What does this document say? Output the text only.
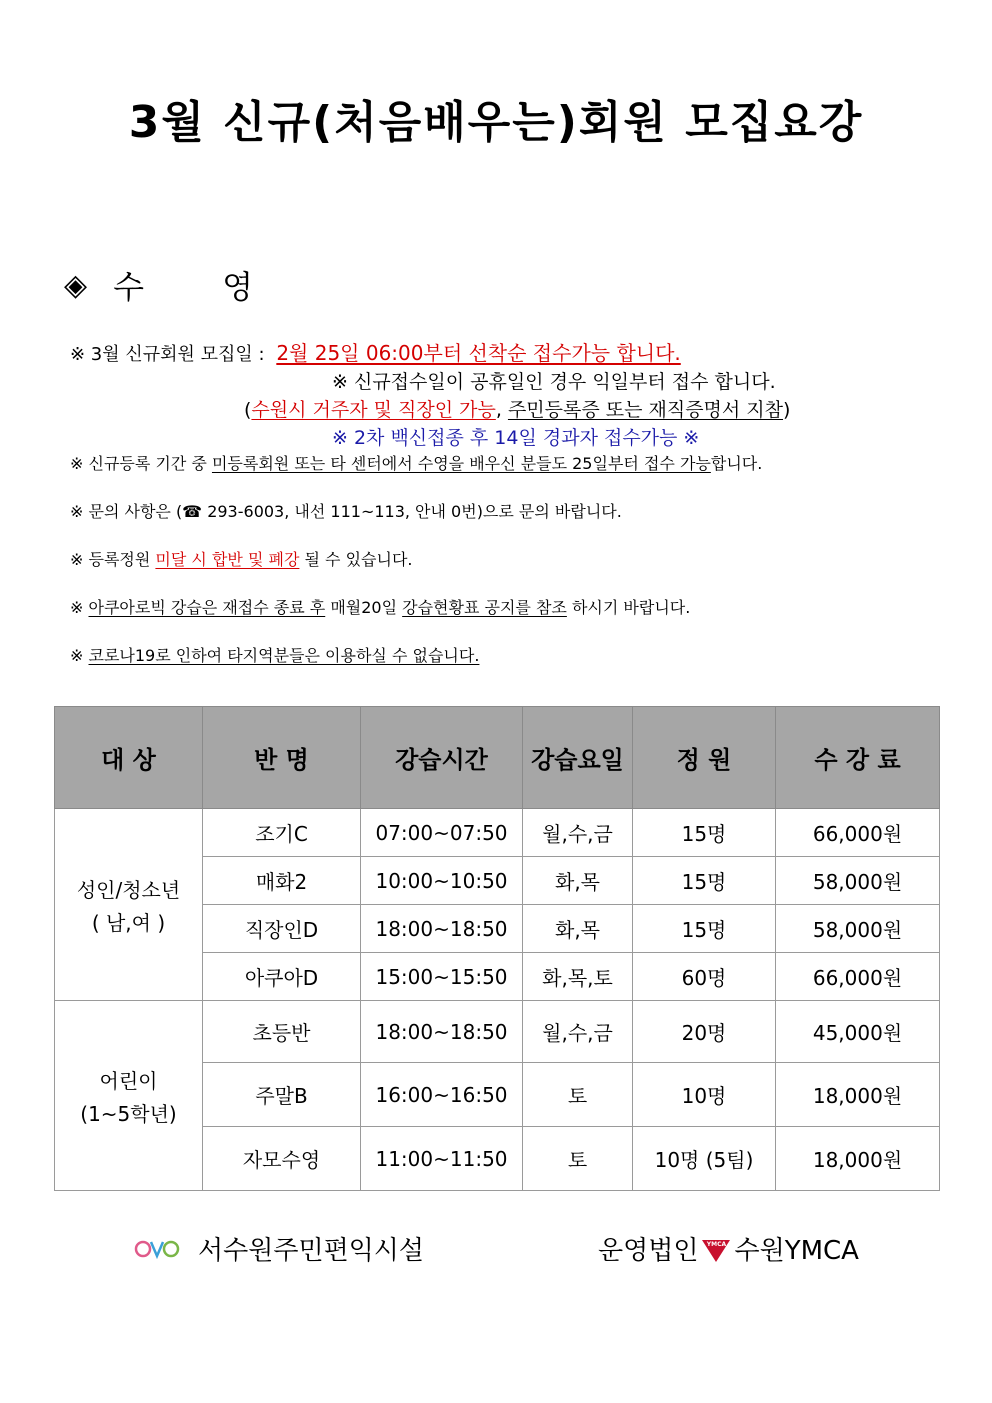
3월 신규(처음배우는)회원 모집요강
◈ 수 영
※ 3월 신규회원 모집일 : 2월 25일 06:00부터 선착순 접수가능 합니다.
※ 신규접수일이 공휴일인 경우 익일부터 접수 합니다.
(수원시 거주자 및 직장인 가능, 주민등록증 또는 재직증명서 지참)
※ 2차 백신접종 후 14일 경과자 접수가능 ※
※ 신규등록 기간 중 미등록회원 또는 타 센터에서 수영을 배우신 분들도 25일부터 접수 가능합니다.
※ 문의 사항은 (☎ 293-6003, 내선 111~113, 안내 0번)으로 문의 바랍니다.
※ 등록정원 미달 시 합반 및 폐강 될 수 있습니다.
※ 아쿠아로빅 강습은 재접수 종료 후 매월20일 강습현황표 공지를 참조 하시기 바랍니다.
※ 코로나19로 인하여 타지역분들은 이용하실 수 없습니다.
대 상	반 명	강습시간	강습요일	정 원	수 강 료

성인/청소년
( 남,여 )	조기C	07:00~07:50	월,수,금	15명	66,000원
	매화2	10:00~10:50	화,목	15명	58,000원
	직장인D	18:00~18:50	화,목	15명	58,000원
	아쿠아D	15:00~15:50	화,목,토	60명	66,000원

어린이
(1~5학년)	초등반	18:00~18:50	월,수,금	20명	45,000원
	주말B	16:00~16:50	토	10명	18,000원
	자모수영	11:00~11:50	토	10명 (5팀)	18,000원
서수원주민편익시설	운영법인	YMCA 수원YMCA
